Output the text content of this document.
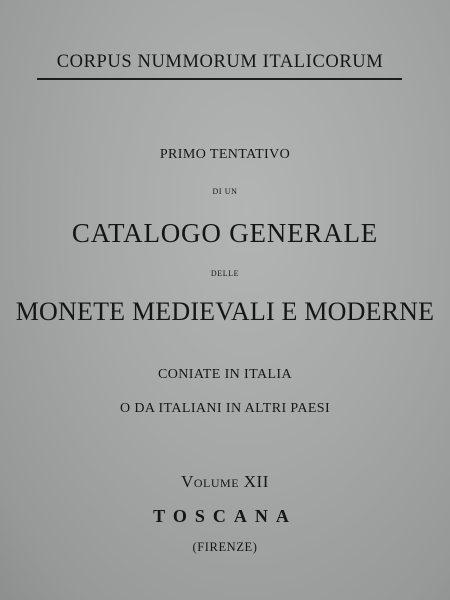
CORPUS NUMMORUM ITALICORUM
PRIMO TENTATIVO
DI UN
CATALOGO GENERALE
DELLE
MONETE MEDIEVALI E MODERNE
CONIATE IN ITALIA
O DA ITALIANI IN ALTRI PAESI
Volume XII
TOSCANA
(FIRENZE)
